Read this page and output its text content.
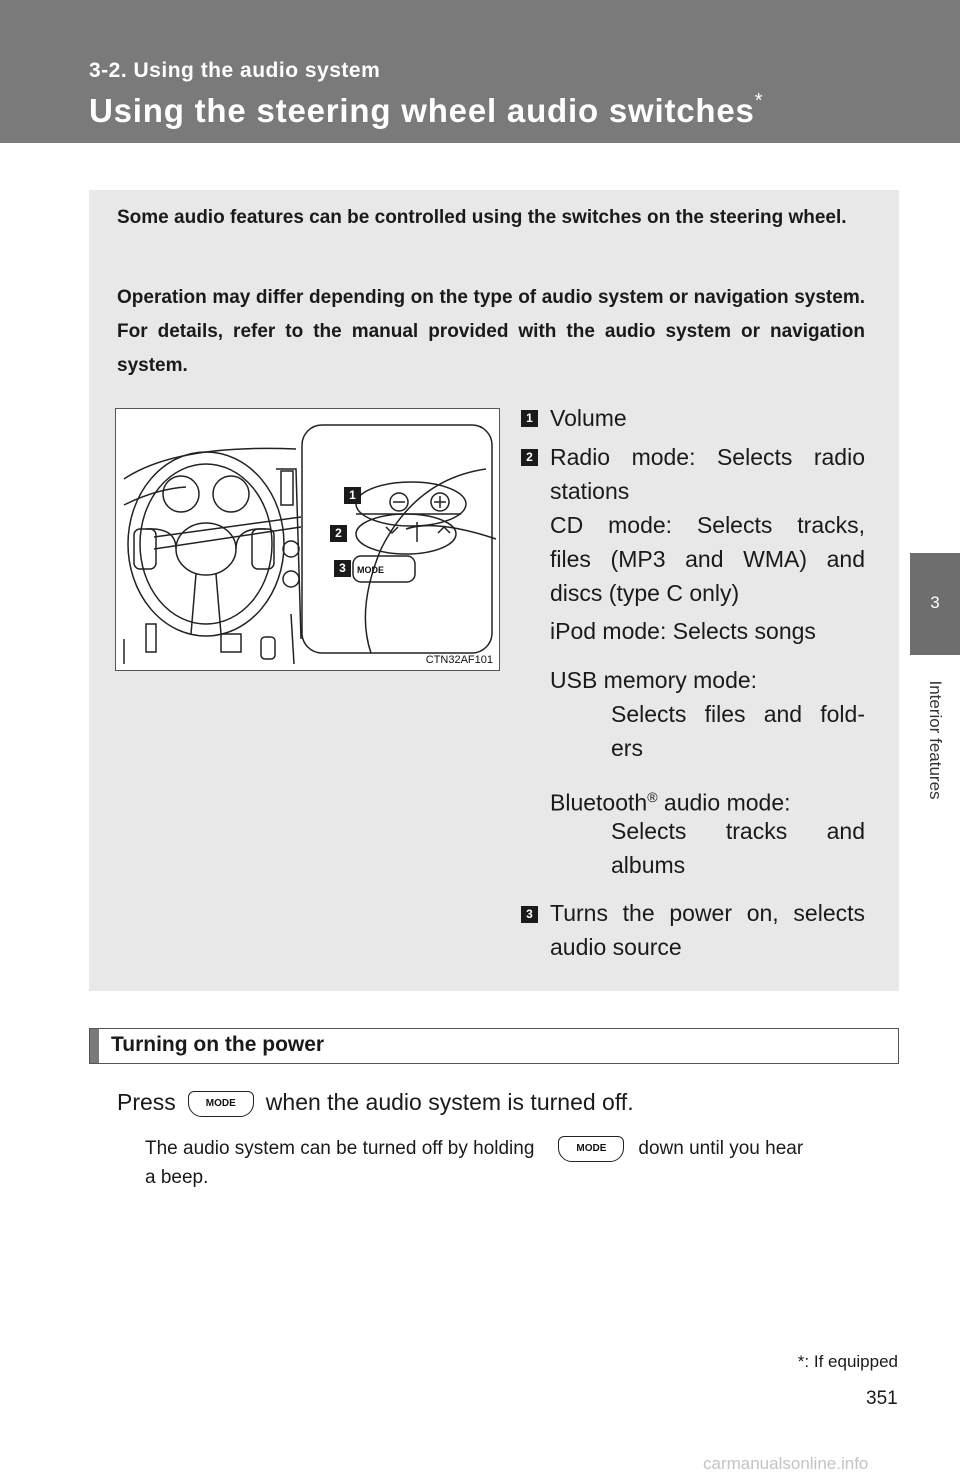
3-2. Using the audio system
Using the steering wheel audio switches*
3
Interior features
Some audio features can be controlled using the switches on the steering wheel.
Operation may differ depending on the type of audio system or navigation system. For details, refer to the manual provided with the audio system or navigation system.
MODE
1
2
3
CTN32AF101
1 Volume
2 Radio mode: Selects radio
stations
CD mode: Selects tracks,
files (MP3 and WMA) and
discs (type C only)
iPod mode: Selects songs
USB memory mode:
Selects files and fold-
ers
Bluetooth® audio mode:
Selects tracks and
albums
3 Turns the power on, selects
audio source
Turning on the power
Press	MODE when the audio system is turned off.
The audio system can be turned off by holding	MODE down until you hear
a beep.
*: If equipped
351
carmanualsonline.info
